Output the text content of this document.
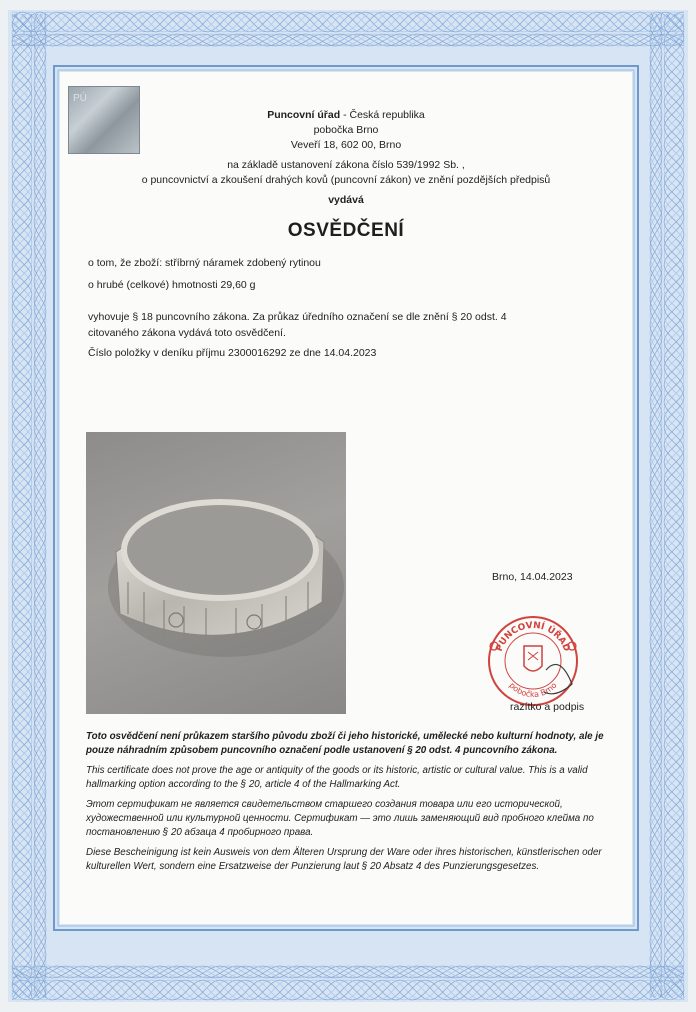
PÚ
Puncovní úřad - Česká republika
pobočka Brno
Veveří 18, 602 00, Brno
na základě ustanovení zákona číslo 539/1992 Sb. ,
o puncovnictví a zkoušení drahých kovů (puncovní zákon) ve znění pozdějších předpisů
vydává
OSVĚDČENÍ
o tom, že zboží: stříbrný náramek zdobený rytinou
o hrubé (celkové) hmotnosti 29,60 g
vyhovuje § 18 puncovního zákona. Za průkaz úředního označení se dle znění § 20 odst. 4
citovaného zákona vydává toto osvědčení.
Číslo položky v deníku příjmu 2300016292 ze dne 14.04.2023
Brno, 14.04.2023
PUNCOVNÍ ÚŘAD
pobočka Brno
razítko a podpis
Toto osvědčení není průkazem staršího původu zboží či jeho historické, umělecké nebo kulturní hodnoty, ale je pouze náhradním způsobem puncovního označení podle ustanovení § 20 odst. 4 puncovního zákona.
This certificate does not prove the age or antiquity of the goods or its historic, artistic or cultural value. This is a valid hallmarking option according to the § 20, article 4 of the Hallmarking Act.
Этот сертификат не является свидетельством старшего создания товара или его исторической, художественной или культурной ценности. Сертификат — это лишь заменяющий вид пробного клейма по постановлению § 20 абзаца 4 пробирного права.
Diese Bescheinigung ist kein Ausweis von dem Älteren Ursprung der Ware oder ihres historischen, künstlerischen oder kulturellen Wert, sondern eine Ersatzweise der Punzierung laut § 20 Absatz 4 des Punzierungsgesetzes.
